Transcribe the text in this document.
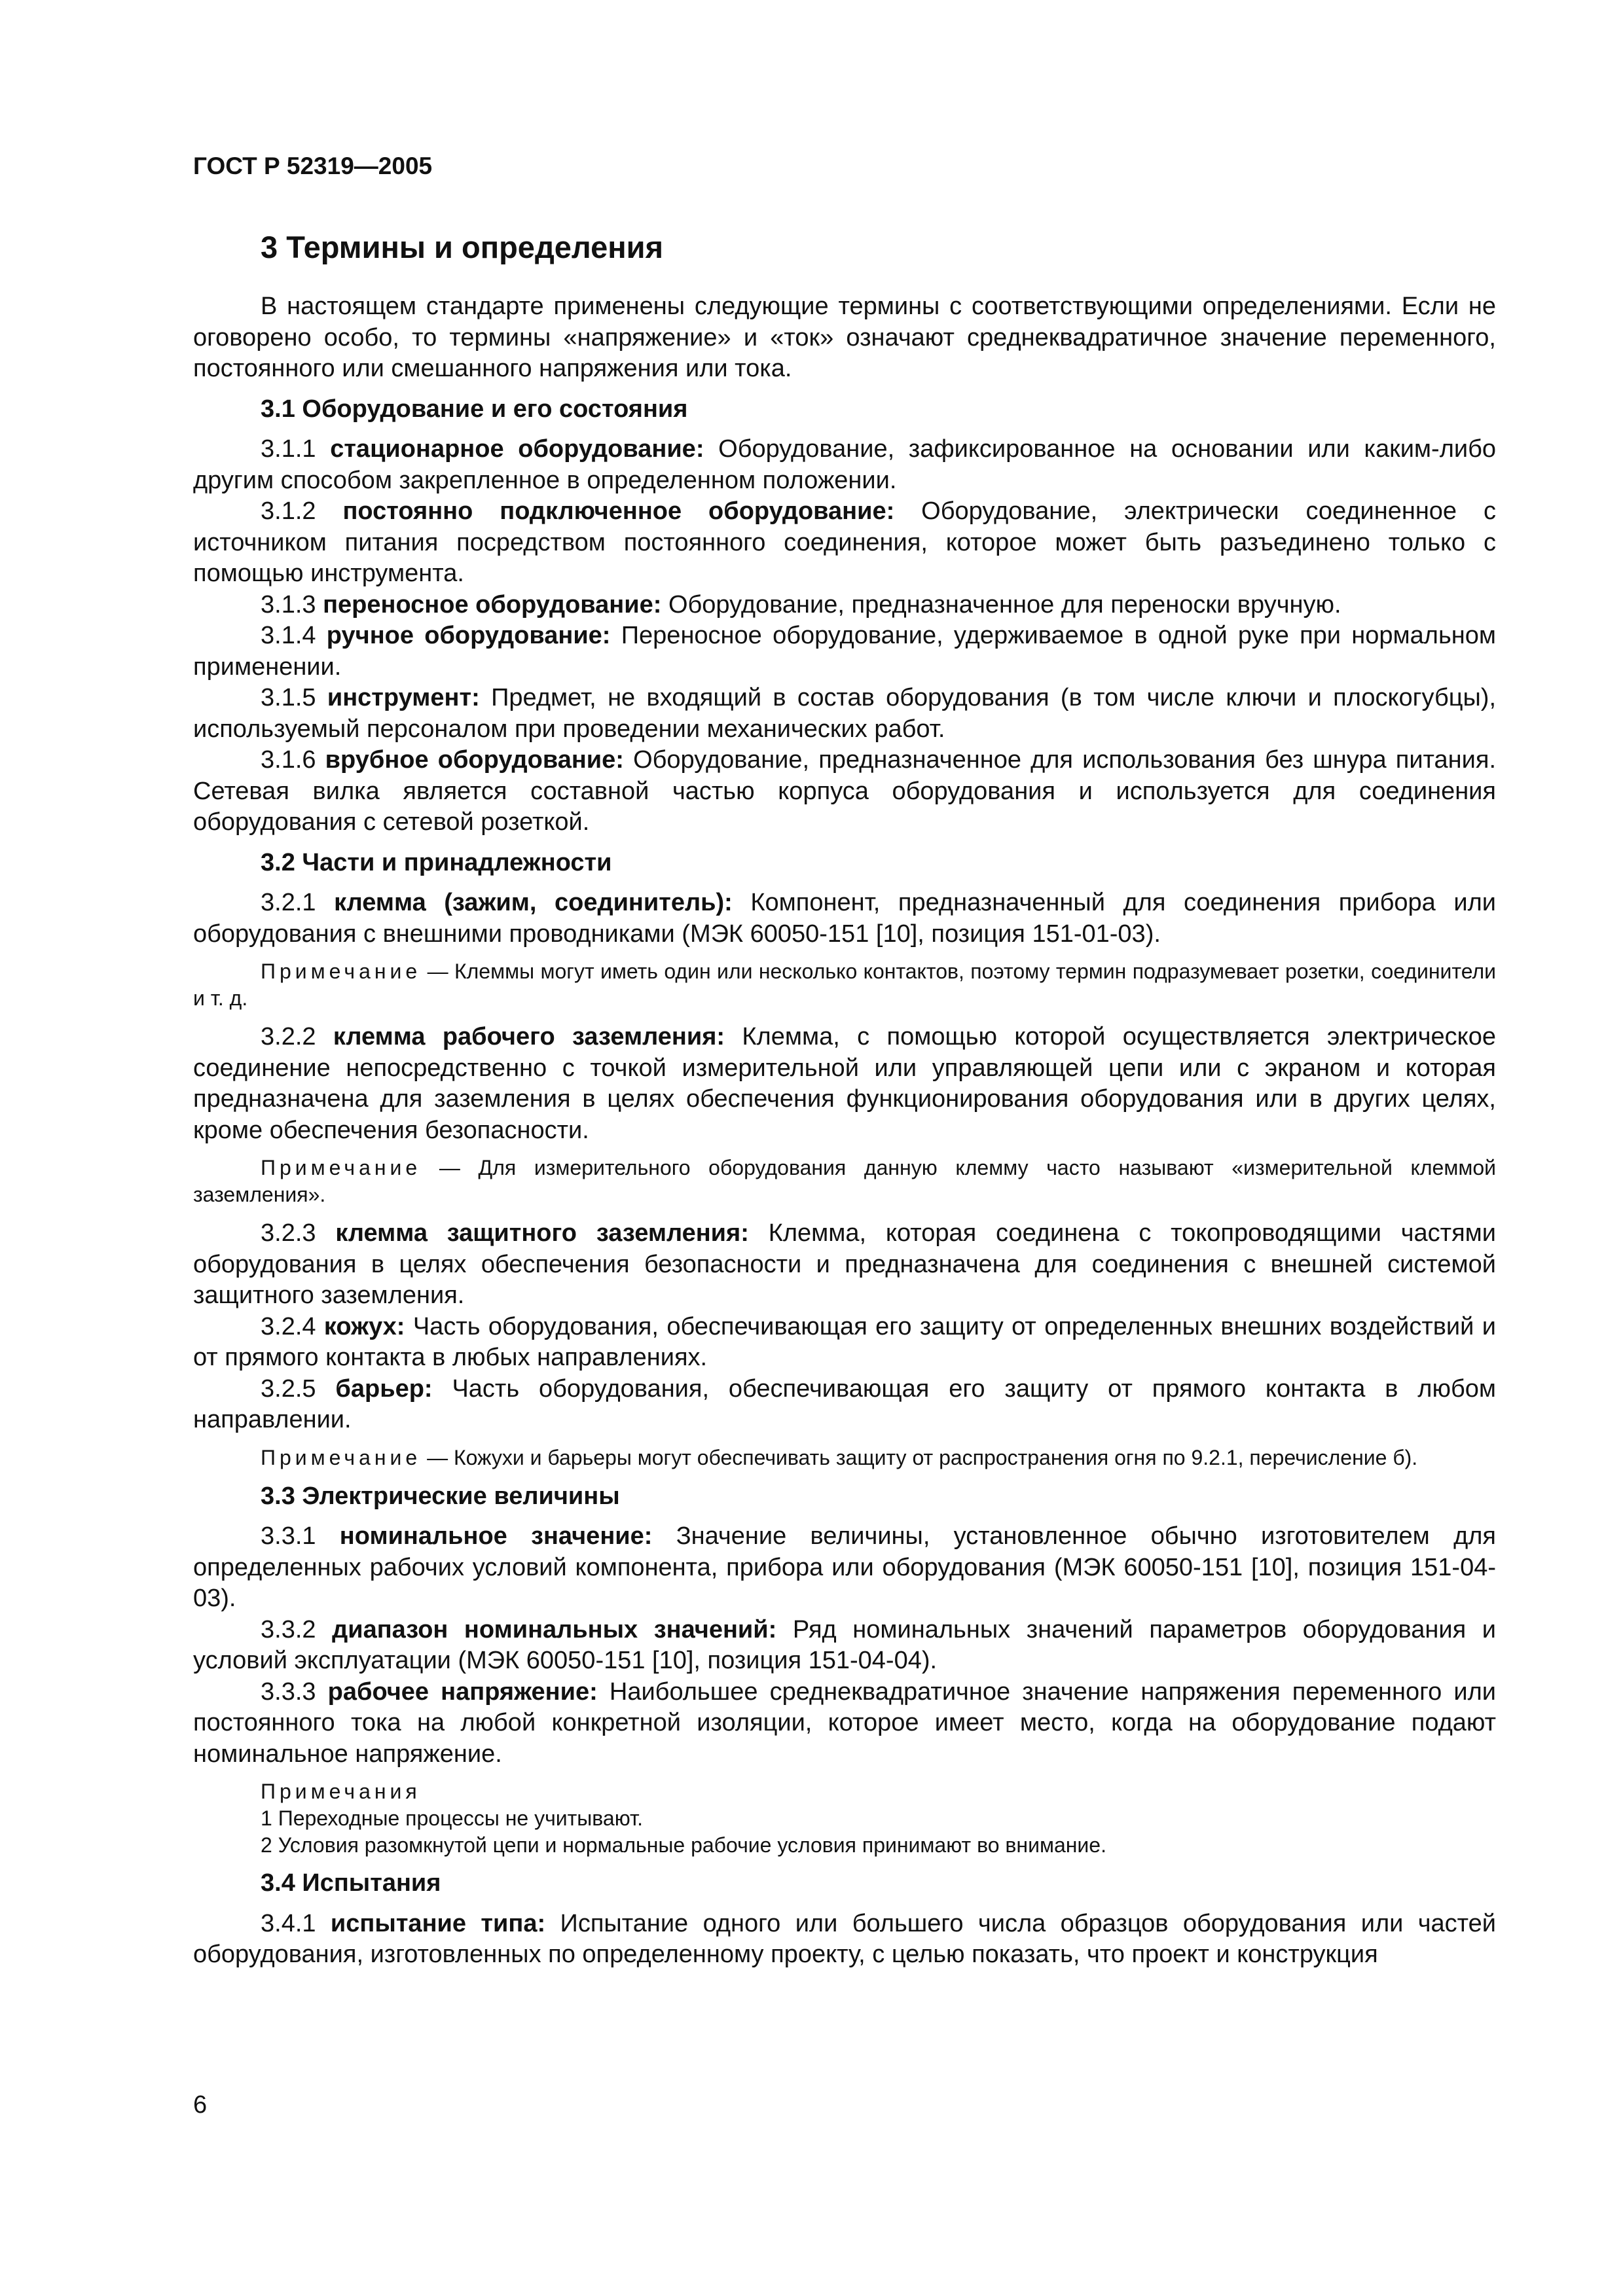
ГОСТ Р 52319—2005
3 Термины и определения

В настоящем стандарте применены следующие термины с соответствующими определениями. Если не оговорено особо, то термины «напряжение» и «ток» означают среднеквадратичное значение переменного, постоянного или смешанного напряжения или тока.

3.1 Оборудование и его состояния

3.1.1 стационарное оборудование: Оборудование, зафиксированное на основании или каким-либо другим способом закрепленное в определенном положении.

3.1.2 постоянно подключенное оборудование: Оборудование, электрически соединенное с источником питания посредством постоянного соединения, которое может быть разъединено только с помощью инструмента.

3.1.3 переносное оборудование: Оборудование, предназначенное для переноски вручную.

3.1.4 ручное оборудование: Переносное оборудование, удерживаемое в одной руке при нормальном применении.

3.1.5 инструмент: Предмет, не входящий в состав оборудования (в том числе ключи и плоскогубцы), используемый персоналом при проведении механических работ.

3.1.6 врубное оборудование: Оборудование, предназначенное для использования без шнура питания. Сетевая вилка является составной частью корпуса оборудования и используется для соединения оборудования с сетевой розеткой.

3.2 Части и принадлежности

3.2.1 клемма (зажим, соединитель): Компонент, предназначенный для соединения прибора или оборудования с внешними проводниками (МЭК 60050-151 [10], позиция 151-01-03).

Примечание — Клеммы могут иметь один или несколько контактов, поэтому термин подразумевает розетки, соединители и т. д.

3.2.2 клемма рабочего заземления: Клемма, с помощью которой осуществляется электрическое соединение непосредственно с точкой измерительной или управляющей цепи или с экраном и которая предназначена для заземления в целях обеспечения функционирования оборудования или в других целях, кроме обеспечения безопасности.

Примечание — Для измерительного оборудования данную клемму часто называют «измерительной клеммой заземления».

3.2.3 клемма защитного заземления: Клемма, которая соединена с токопроводящими частями оборудования в целях обеспечения безопасности и предназначена для соединения с внешней системой защитного заземления.

3.2.4 кожух: Часть оборудования, обеспечивающая его защиту от определенных внешних воздействий и от прямого контакта в любых направлениях.

3.2.5 барьер: Часть оборудования, обеспечивающая его защиту от прямого контакта в любом направлении.

Примечание — Кожухи и барьеры могут обеспечивать защиту от распространения огня по 9.2.1, перечисление б).

3.3 Электрические величины

3.3.1 номинальное значение: Значение величины, установленное обычно изготовителем для определенных рабочих условий компонента, прибора или оборудования (МЭК 60050-151 [10], позиция 151-04-03).

3.3.2 диапазон номинальных значений: Ряд номинальных значений параметров оборудования и условий эксплуатации (МЭК 60050-151 [10], позиция 151-04-04).

3.3.3 рабочее напряжение: Наибольшее среднеквадратичное значение напряжения переменного или постоянного тока на любой конкретной изоляции, которое имеет место, когда на оборудование подают номинальное напряжение.

Примечания
1 Переходные процессы не учитывают.
2 Условия разомкнутой цепи и нормальные рабочие условия принимают во внимание.

3.4 Испытания

3.4.1 испытание типа: Испытание одного или большего числа образцов оборудования или частей оборудования, изготовленных по определенному проекту, с целью показать, что проект и конструкция

6
